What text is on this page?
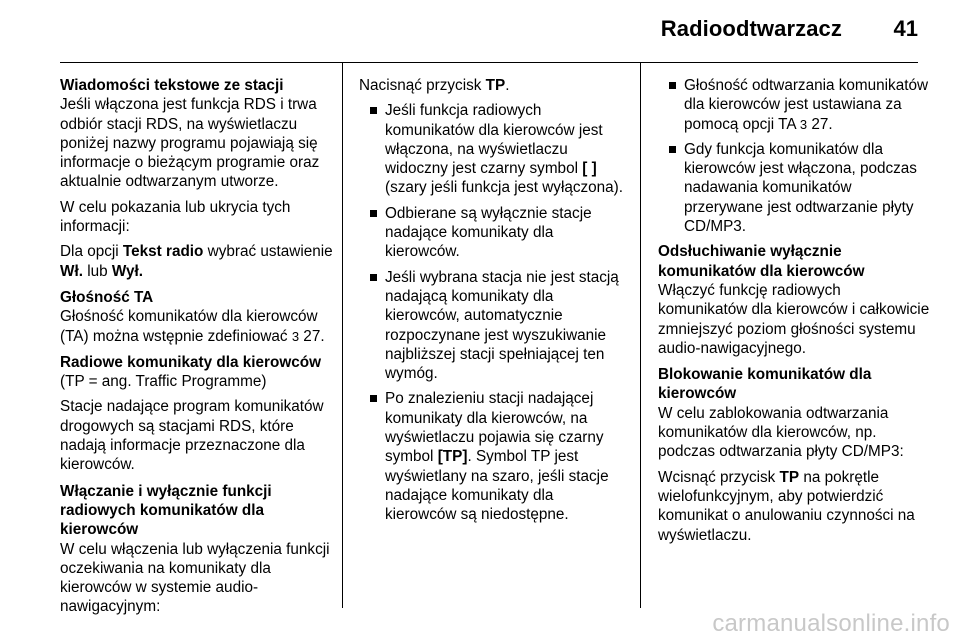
Radioodtwarzacz 41
Wiadomości tekstowe ze stacji

Jeśli włączona jest funkcja RDS i trwa odbiór stacji RDS, na wyświetlaczu poniżej nazwy programu pojawiają się informacje o bieżącym programie oraz aktualnie odtwarzanym utworze.

W celu pokazania lub ukrycia tych informacji:

Dla opcji Tekst radio wybrać ustawienie Wł. lub Wył.

Głośność TA

Głośność komunikatów dla kierowców (TA) można wstępnie zdefiniować 3 27.

Radiowe komunikaty dla kierowców

(TP = ang. Traffic Programme)

Stacje nadające program komunikatów drogowych są stacjami RDS, które nadają informacje przeznaczone dla kierowców.

Włączanie i wyłącznie funkcji radiowych komunikatów dla kierowców

W celu włączenia lub wyłączenia funkcji oczekiwania na komunikaty dla kierowców w systemie audio-nawigacyjnym:

Nacisnąć przycisk TP.

Jeśli funkcja radiowych komunikatów dla kierowców jest włączona, na wyświetlaczu widoczny jest czarny symbol [ ] (szary jeśli funkcja jest wyłączona).
Odbierane są wyłącznie stacje nadające komunikaty dla kierowców.
Jeśli wybrana stacja nie jest stacją nadającą komunikaty dla kierowców, automatycznie rozpoczynane jest wyszukiwanie najbliższej stacji spełniającej ten wymóg.
Po znalezieniu stacji nadającej komunikaty dla kierowców, na wyświetlaczu pojawia się czarny symbol [TP]. Symbol TP jest wyświetlany na szaro, jeśli stacje nadające komunikaty dla kierowców są niedostępne.
Głośność odtwarzania komunikatów dla kierowców jest ustawiana za pomocą opcji TA 3 27.
Gdy funkcja komunikatów dla kierowców jest włączona, podczas nadawania komunikatów przerywane jest odtwarzanie płyty CD/MP3.
Odsłuchiwanie wyłącznie komunikatów dla kierowców

Włączyć funkcję radiowych komunikatów dla kierowców i całkowicie zmniejszyć poziom głośności systemu audio-nawigacyjnego.

Blokowanie komunikatów dla kierowców

W celu zablokowania odtwarzania komunikatów dla kierowców, np. podczas odtwarzania płyty CD/MP3:

Wcisnąć przycisk TP na pokrętle wielofunkcyjnym, aby potwierdzić komunikat o anulowaniu czynności na wyświetlaczu.

carmanualsonline.info
